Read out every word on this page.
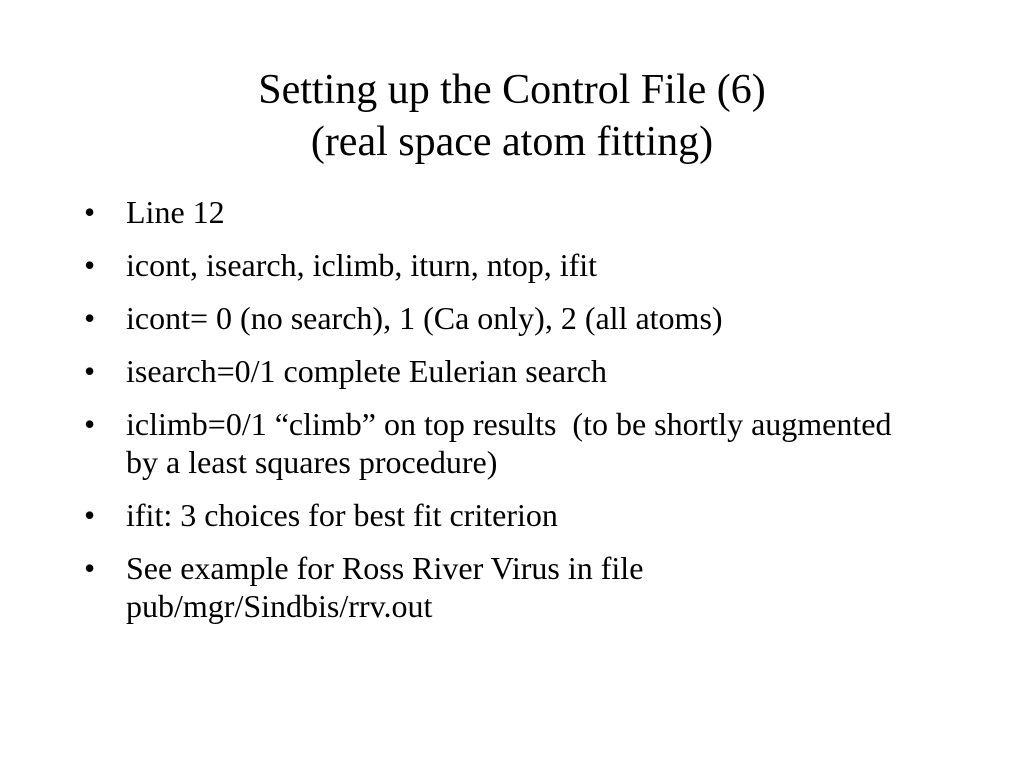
Setting up the Control File (6)
(real space atom fitting)
• Line 12
• icont, isearch, iclimb, iturn, ntop, ifit
• icont= 0 (no search), 1 (Ca only), 2 (all atoms)
• isearch=0/1 complete Eulerian search
• iclimb=0/1 “climb” on top results  (to be shortly augmented by a least squares procedure)
• ifit: 3 choices for best fit criterion
• See example for Ross River Virus in file pub/mgr/Sindbis/rrv.out
